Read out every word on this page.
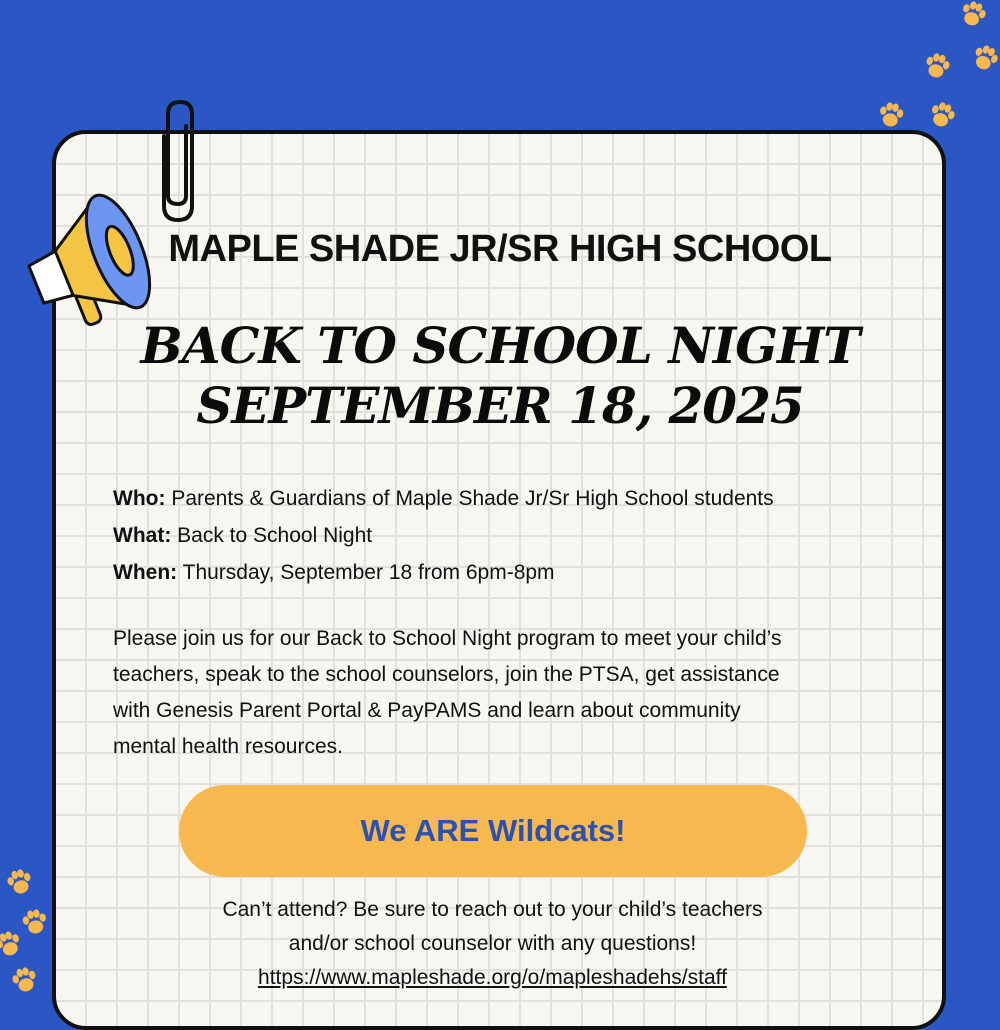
MAPLE SHADE JR/SR HIGH SCHOOL
BACK TO SCHOOL NIGHT
SEPTEMBER 18, 2025
Who: Parents & Guardians of Maple Shade Jr/Sr High School students
What: Back to School Night
When: Thursday, September 18 from 6pm-8pm
Please join us for our Back to School Night program to meet your child’s
teachers, speak to the school counselors, join the PTSA, get assistance
with Genesis Parent Portal & PayPAMS and learn about community
mental health resources.
We ARE Wildcats!
Can’t attend? Be sure to reach out to your child’s teachers
and/or school counselor with any questions!
https://www.mapleshade.org/o/mapleshadehs/staff
